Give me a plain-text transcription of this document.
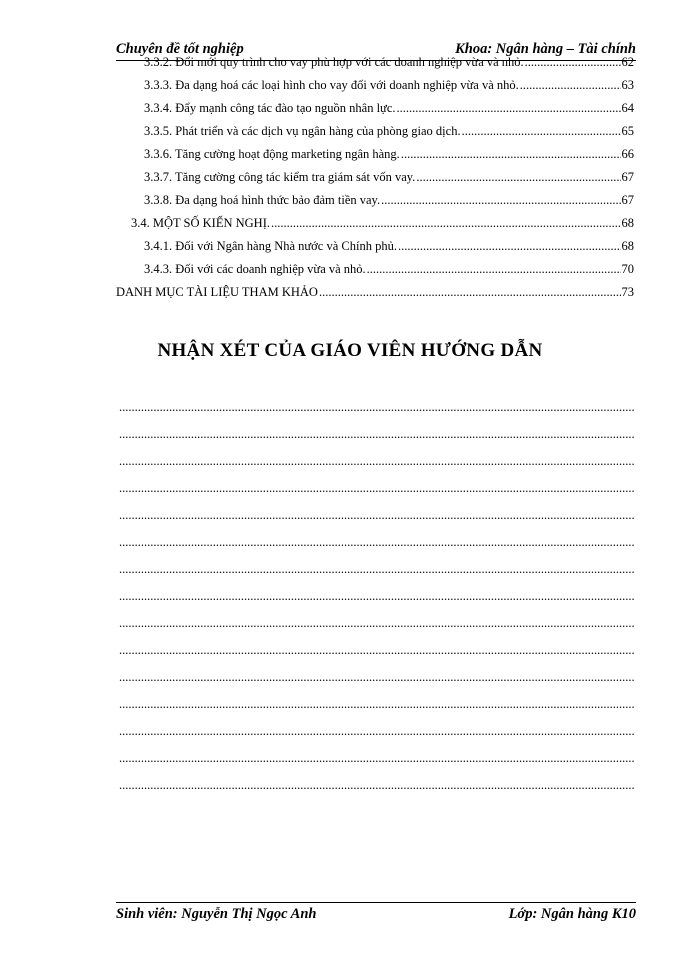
Chuyên đề tốt nghiệp	Khoa: Ngân hàng – Tài chính
3.3.2. Đổi mới quy trình cho vay phù hợp với các doanh nghiệp vừa và nhỏ. .....	62
3.3.3. Đa dạng hoá các loại hình cho vay đối với doanh nghiệp vừa và nhỏ. .....	63
3.3.4. Đẩy mạnh công tác đào tạo nguồn nhân lực. .....	64
3.3.5. Phát triển và các dịch vụ ngân hàng của phòng giao dịch. .....	65
3.3.6. Tăng cường hoạt động marketing ngân hàng. .....	66
3.3.7. Tăng cường công tác kiểm tra giám sát vốn vay. .....	67
3.3.8. Đa dạng hoá hình thức bảo đảm tiền vay. .....	67
3.4. MỘT SỐ KIẾN NGHỊ. .....	68
3.4.1. Đối với Ngân hàng Nhà nước và Chính phủ. .....	68
3.4.3. Đối với các doanh nghiệp vừa và nhỏ. .....	70
DANH MỤC TÀI LIỆU THAM KHẢO .....	73
NHẬN XÉT CỦA GIÁO VIÊN HƯỚNG DẪN
.....
.....
.....
.....
.....
.....
.....
.....
.....
.....
.....
.....
.....
.....
.....
Sinh viên: Nguyễn Thị Ngọc Anh	Lớp: Ngân hàng K10
